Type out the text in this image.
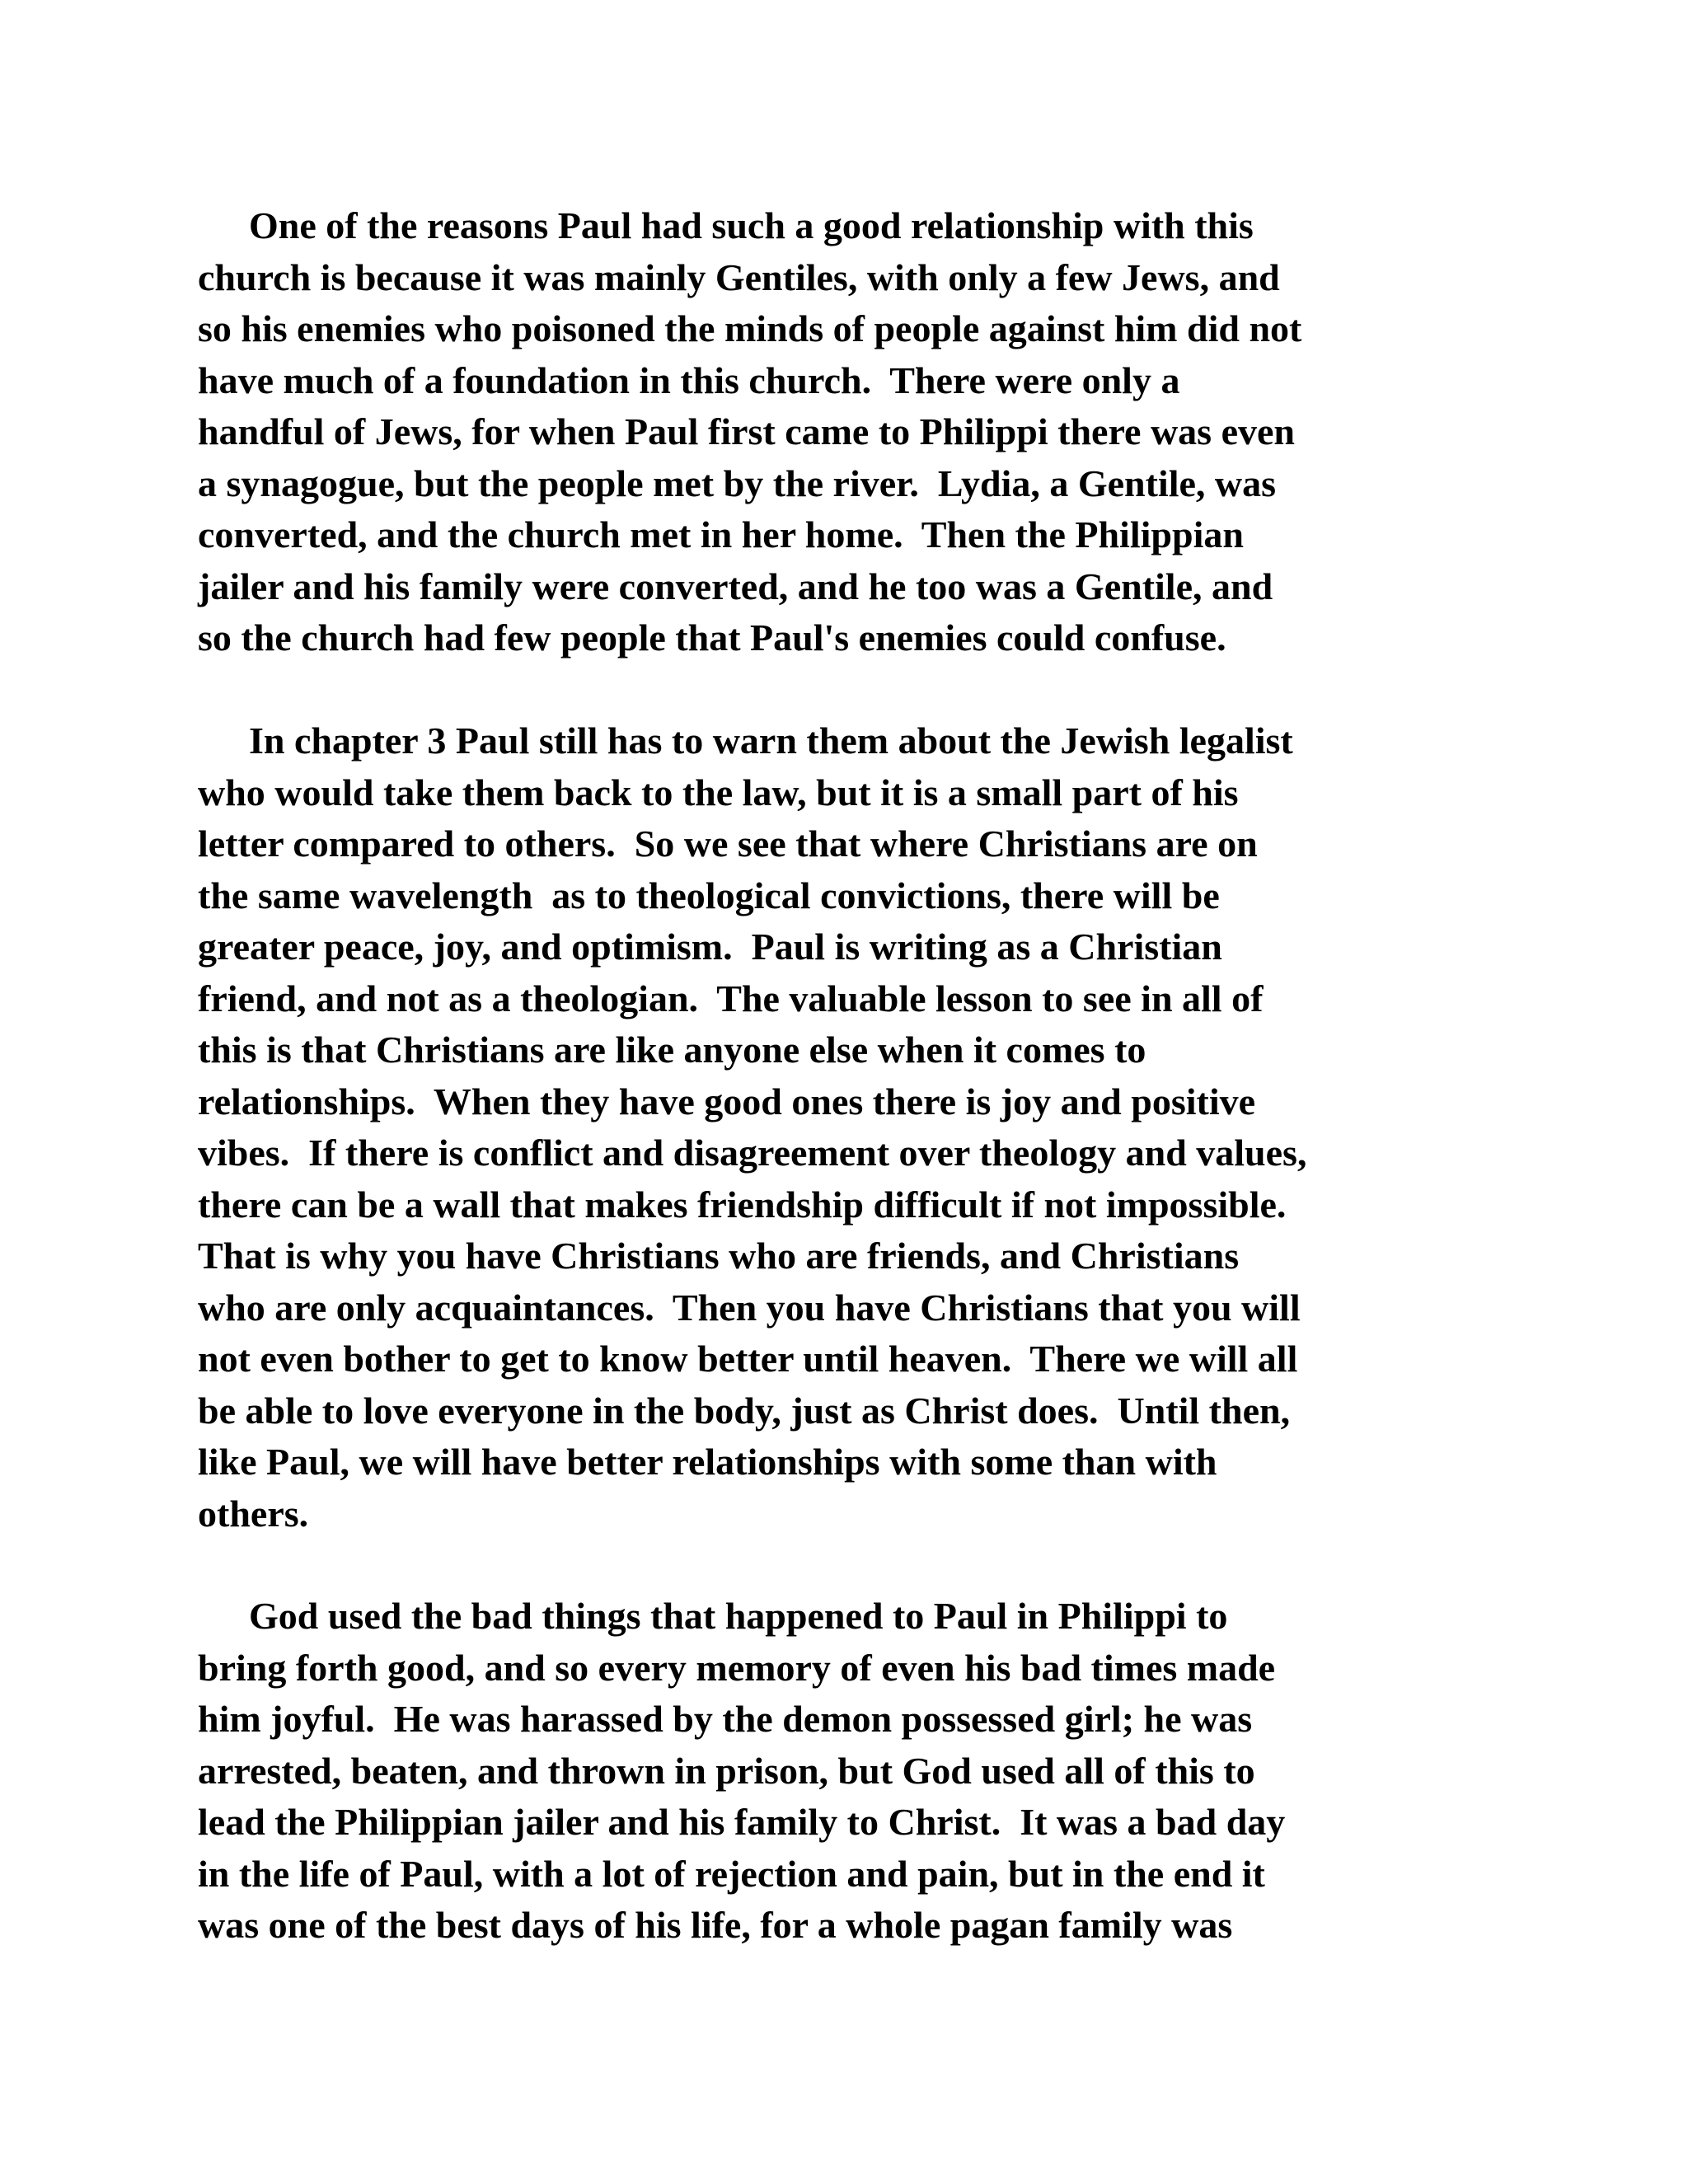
One of the reasons Paul had such a good relationship with this
church is because it was mainly Gentiles, with only a few Jews, and
so his enemies who poisoned the minds of people against him did not
have much of a foundation in this church.  There were only a
handful of Jews, for when Paul first came to Philippi there was even
a synagogue, but the people met by the river.  Lydia, a Gentile, was
converted, and the church met in her home.  Then the Philippian
jailer and his family were converted, and he too was a Gentile, and
so the church had few people that Paul's enemies could confuse.
In chapter 3 Paul still has to warn them about the Jewish legalist
who would take them back to the law, but it is a small part of his
letter compared to others.  So we see that where Christians are on
the same wavelength  as to theological convictions, there will be
greater peace, joy, and optimism.  Paul is writing as a Christian
friend, and not as a theologian.  The valuable lesson to see in all of
this is that Christians are like anyone else when it comes to
relationships.  When they have good ones there is joy and positive
vibes.  If there is conflict and disagreement over theology and values,
there can be a wall that makes friendship difficult if not impossible.
That is why you have Christians who are friends, and Christians
who are only acquaintances.  Then you have Christians that you will
not even bother to get to know better until heaven.  There we will all
be able to love everyone in the body, just as Christ does.  Until then,
like Paul, we will have better relationships with some than with
others.
God used the bad things that happened to Paul in Philippi to
bring forth good, and so every memory of even his bad times made
him joyful.  He was harassed by the demon possessed girl; he was
arrested, beaten, and thrown in prison, but God used all of this to
lead the Philippian jailer and his family to Christ.  It was a bad day
in the life of Paul, with a lot of rejection and pain, but in the end it
was one of the best days of his life, for a whole pagan family was
